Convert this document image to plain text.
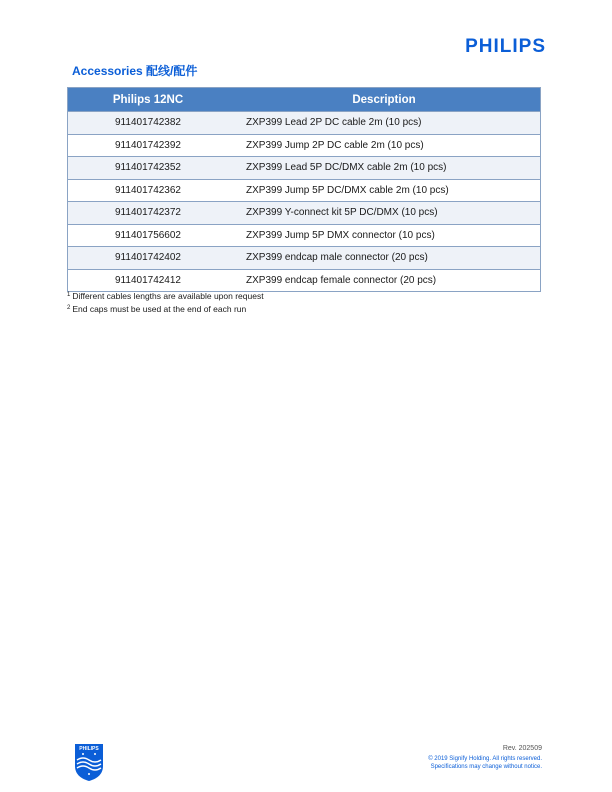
PHILIPS
Accessories 配线/配件
Philips 12NC	Description
911401742382	ZXP399 Lead 2P DC cable 2m (10 pcs)
911401742392	ZXP399 Jump 2P DC cable 2m (10 pcs)
911401742352	ZXP399 Lead 5P DC/DMX cable 2m (10 pcs)
911401742362	ZXP399 Jump 5P DC/DMX cable 2m (10 pcs)
911401742372	ZXP399 Y-connect kit 5P DC/DMX (10 pcs)
911401756602	ZXP399 Jump 5P DMX connector (10 pcs)
911401742402	ZXP399 endcap male connector (20 pcs)
911401742412	ZXP399 endcap female connector (20 pcs)
$^1$ Different cables lengths are available upon request
$^2$ End caps must be used at the end of each run
PHILIPS	Rev. 202509
© 2019 Signify Holding. All rights reserved.
Specifications may change without notice.
